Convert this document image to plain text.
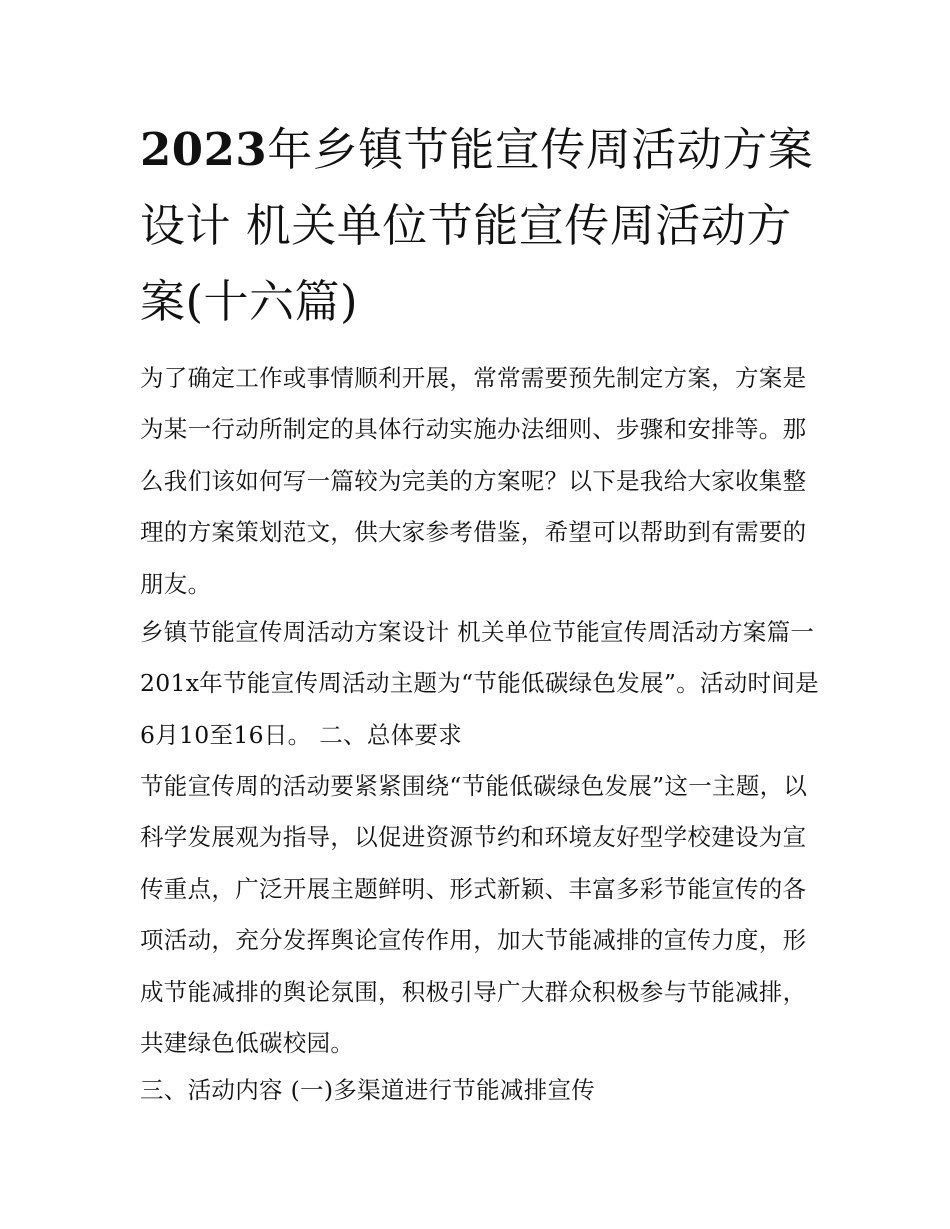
2023年乡镇节能宣传周活动方案设计 机关单位节能宣传周活动方案(十六篇)

为了确定工作或事情顺利开展，常常需要预先制定方案，方案是为某一行动所制定的具体行动实施办法细则、步骤和安排等。那么我们该如何写一篇较为完美的方案呢？以下是我给大家收集整理的方案策划范文，供大家参考借鉴，希望可以帮助到有需要的朋友。

乡镇节能宣传周活动方案设计 机关单位节能宣传周活动方案篇一 201x年节能宣传周活动主题为“节能低碳绿色发展”。活动时间是6月10至16日。 二、总体要求

节能宣传周的活动要紧紧围绕“节能低碳绿色发展”这一主题，以科学发展观为指导，以促进资源节约和环境友好型学校建设为宣传重点，广泛开展主题鲜明、形式新颖、丰富多彩节能宣传的各项活动，充分发挥舆论宣传作用，加大节能减排的宣传力度，形成节能减排的舆论氛围，积极引导广大群众积极参与节能减排，共建绿色低碳校园。

三、活动内容 (一)多渠道进行节能减排宣传
